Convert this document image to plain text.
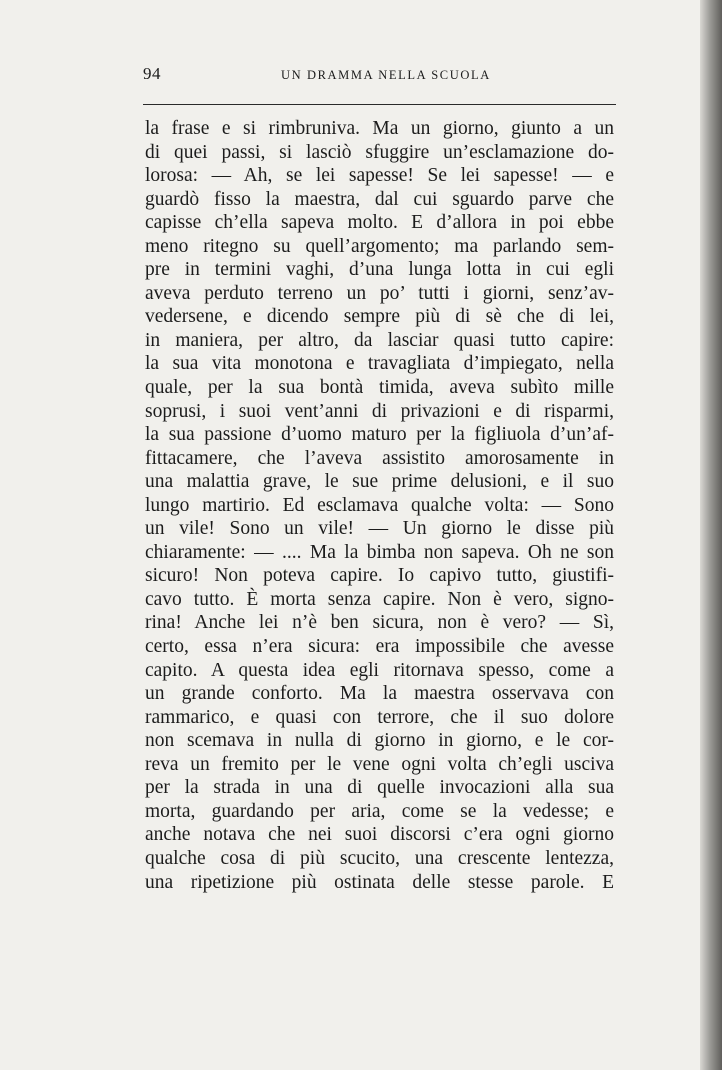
94	UN DRAMMA NELLA SCUOLA
la frase e si rimbruniva. Ma un giorno, giunto a un
di quei passi, si lasciò sfuggire un’esclamazione do-
lorosa: — Ah, se lei sapesse! Se lei sapesse! — e
guardò fisso la maestra, dal cui sguardo parve che
capisse ch’ella sapeva molto. E d’allora in poi ebbe
meno ritegno su quell’argomento; ma parlando sem-
pre in termini vaghi, d’una lunga lotta in cui egli
aveva perduto terreno un po’ tutti i giorni, senz’av-
vedersene, e dicendo sempre più di sè che di lei,
in maniera, per altro, da lasciar quasi tutto capire:
la sua vita monotona e travagliata d’impiegato, nella
quale, per la sua bontà timida, aveva subìto mille
soprusi, i suoi vent’anni di privazioni e di risparmi,
la sua passione d’uomo maturo per la figliuola d’un’af-
fittacamere, che l’aveva assistito amorosamente in
una malattia grave, le sue prime delusioni, e il suo
lungo martirio. Ed esclamava qualche volta: — Sono
un vile! Sono un vile! — Un giorno le disse più
chiaramente: — .... Ma la bimba non sapeva. Oh ne son
sicuro! Non poteva capire. Io capivo tutto, giustifi-
cavo tutto. È morta senza capire. Non è vero, signo-
rina! Anche lei n’è ben sicura, non è vero? — Sì,
certo, essa n’era sicura: era impossibile che avesse
capito. A questa idea egli ritornava spesso, come a
un grande conforto. Ma la maestra osservava con
rammarico, e quasi con terrore, che il suo dolore
non scemava in nulla di giorno in giorno, e le cor-
reva un fremito per le vene ogni volta ch’egli usciva
per la strada in una di quelle invocazioni alla sua
morta, guardando per aria, come se la vedesse; e
anche notava che nei suoi discorsi c’era ogni giorno
qualche cosa di più scucito, una crescente lentezza,
una ripetizione più ostinata delle stesse parole. E
